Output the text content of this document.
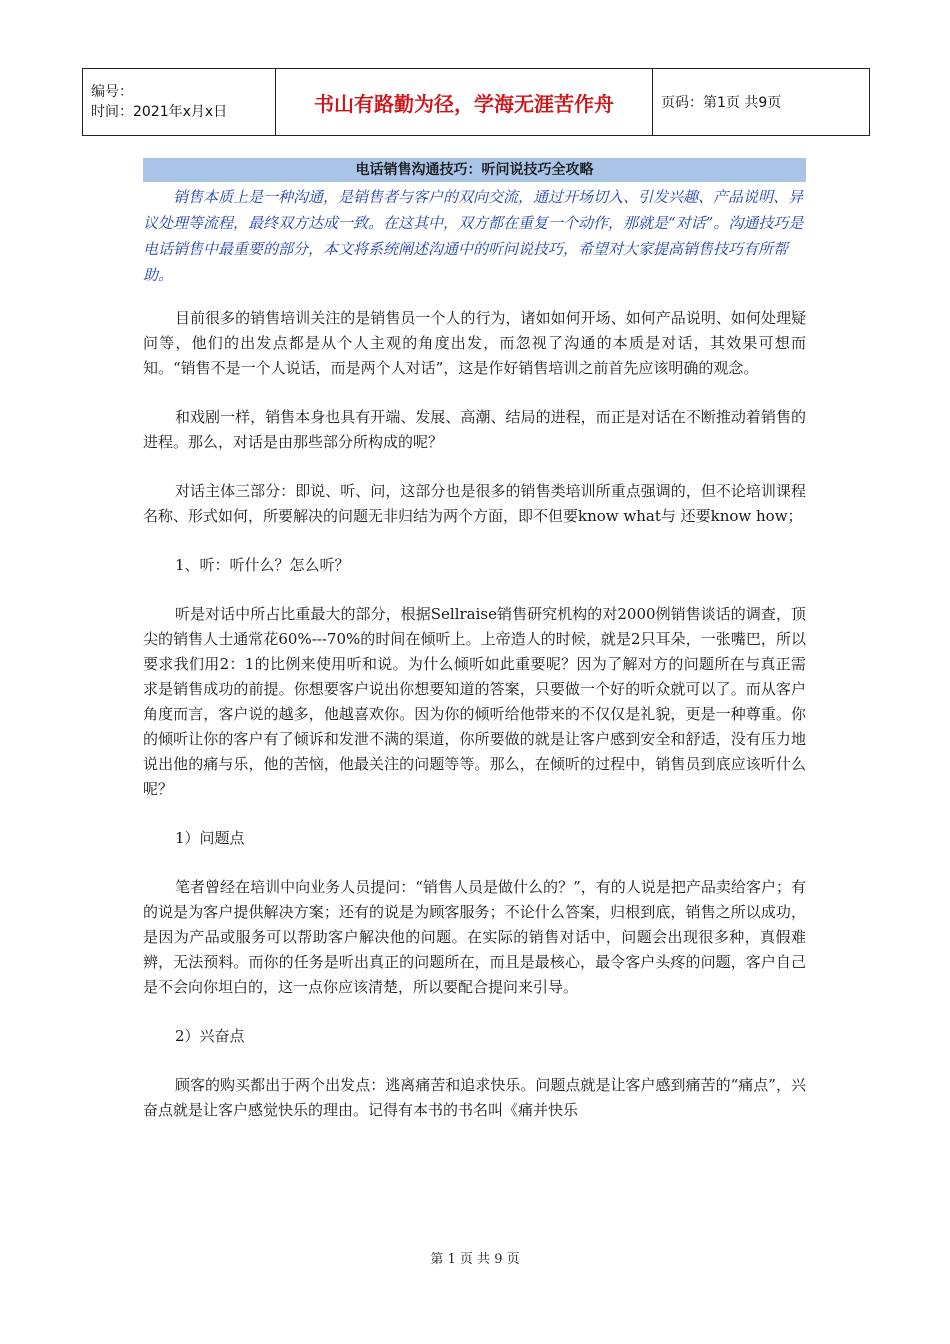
编号：
时间：2021年x月x日	书山有路勤为径，学海无涯苦作舟	页码：第1页 共9页
电话销售沟通技巧：听问说技巧全攻略

销售本质上是一种沟通，是销售者与客户的双向交流，通过开场切入、引发兴趣、产品说明、异议处理等流程，最终双方达成一致。在这其中，双方都在重复一个动作，那就是“对话”。沟通技巧是电话销售中最重要的部分，本文将系统阐述沟通中的听问说技巧，希望对大家提高销售技巧有所帮助。

目前很多的销售培训关注的是销售员一个人的行为，诸如如何开场、如何产品说明、如何处理疑问等，他们的出发点都是从个人主观的角度出发，而忽视了沟通的本质是对话，其效果可想而知。“销售不是一个人说话，而是两个人对话”，这是作好销售培训之前首先应该明确的观念。

和戏剧一样，销售本身也具有开端、发展、高潮、结局的进程，而正是对话在不断推动着销售的进程。那么，对话是由那些部分所构成的呢？

对话主体三部分：即说、听、问，这部分也是很多的销售类培训所重点强调的，但不论培训课程名称、形式如何，所要解决的问题无非归结为两个方面，即不但要know what与 还要know how；

1、听：听什么？怎么听？

听是对话中所占比重最大的部分，根据Sellraise销售研究机构的对2000例销售谈话的调查，顶尖的销售人士通常花60%---70%的时间在倾听上。上帝造人的时候，就是2只耳朵，一张嘴巴，所以要求我们用2：1的比例来使用听和说。为什么倾听如此重要呢？因为了解对方的问题所在与真正需求是销售成功的前提。你想要客户说出你想要知道的答案，只要做一个好的听众就可以了。而从客户角度而言，客户说的越多，他越喜欢你。因为你的倾听给他带来的不仅仅是礼貌，更是一种尊重。你的倾听让你的客户有了倾诉和发泄不满的渠道，你所要做的就是让客户感到安全和舒适，没有压力地说出他的痛与乐，他的苦恼，他最关注的问题等等。那么，在倾听的过程中，销售员到底应该听什么呢？

1）问题点

笔者曾经在培训中向业务人员提问：“销售人员是做什么的？”，有的人说是把产品卖给客户；有的说是为客户提供解决方案；还有的说是为顾客服务；不论什么答案，归根到底，销售之所以成功，是因为产品或服务可以帮助客户解决他的问题。在实际的销售对话中，问题会出现很多种，真假难辨，无法预料。而你的任务是听出真正的问题所在，而且是最核心，最令客户头疼的问题，客户自己是不会向你坦白的，这一点你应该清楚，所以要配合提问来引导。

2）兴奋点

顾客的购买都出于两个出发点：逃离痛苦和追求快乐。问题点就是让客户感到痛苦的“痛点”，兴奋点就是让客户感觉快乐的理由。记得有本书的书名叫《痛并快乐

第 1 页 共 9 页
